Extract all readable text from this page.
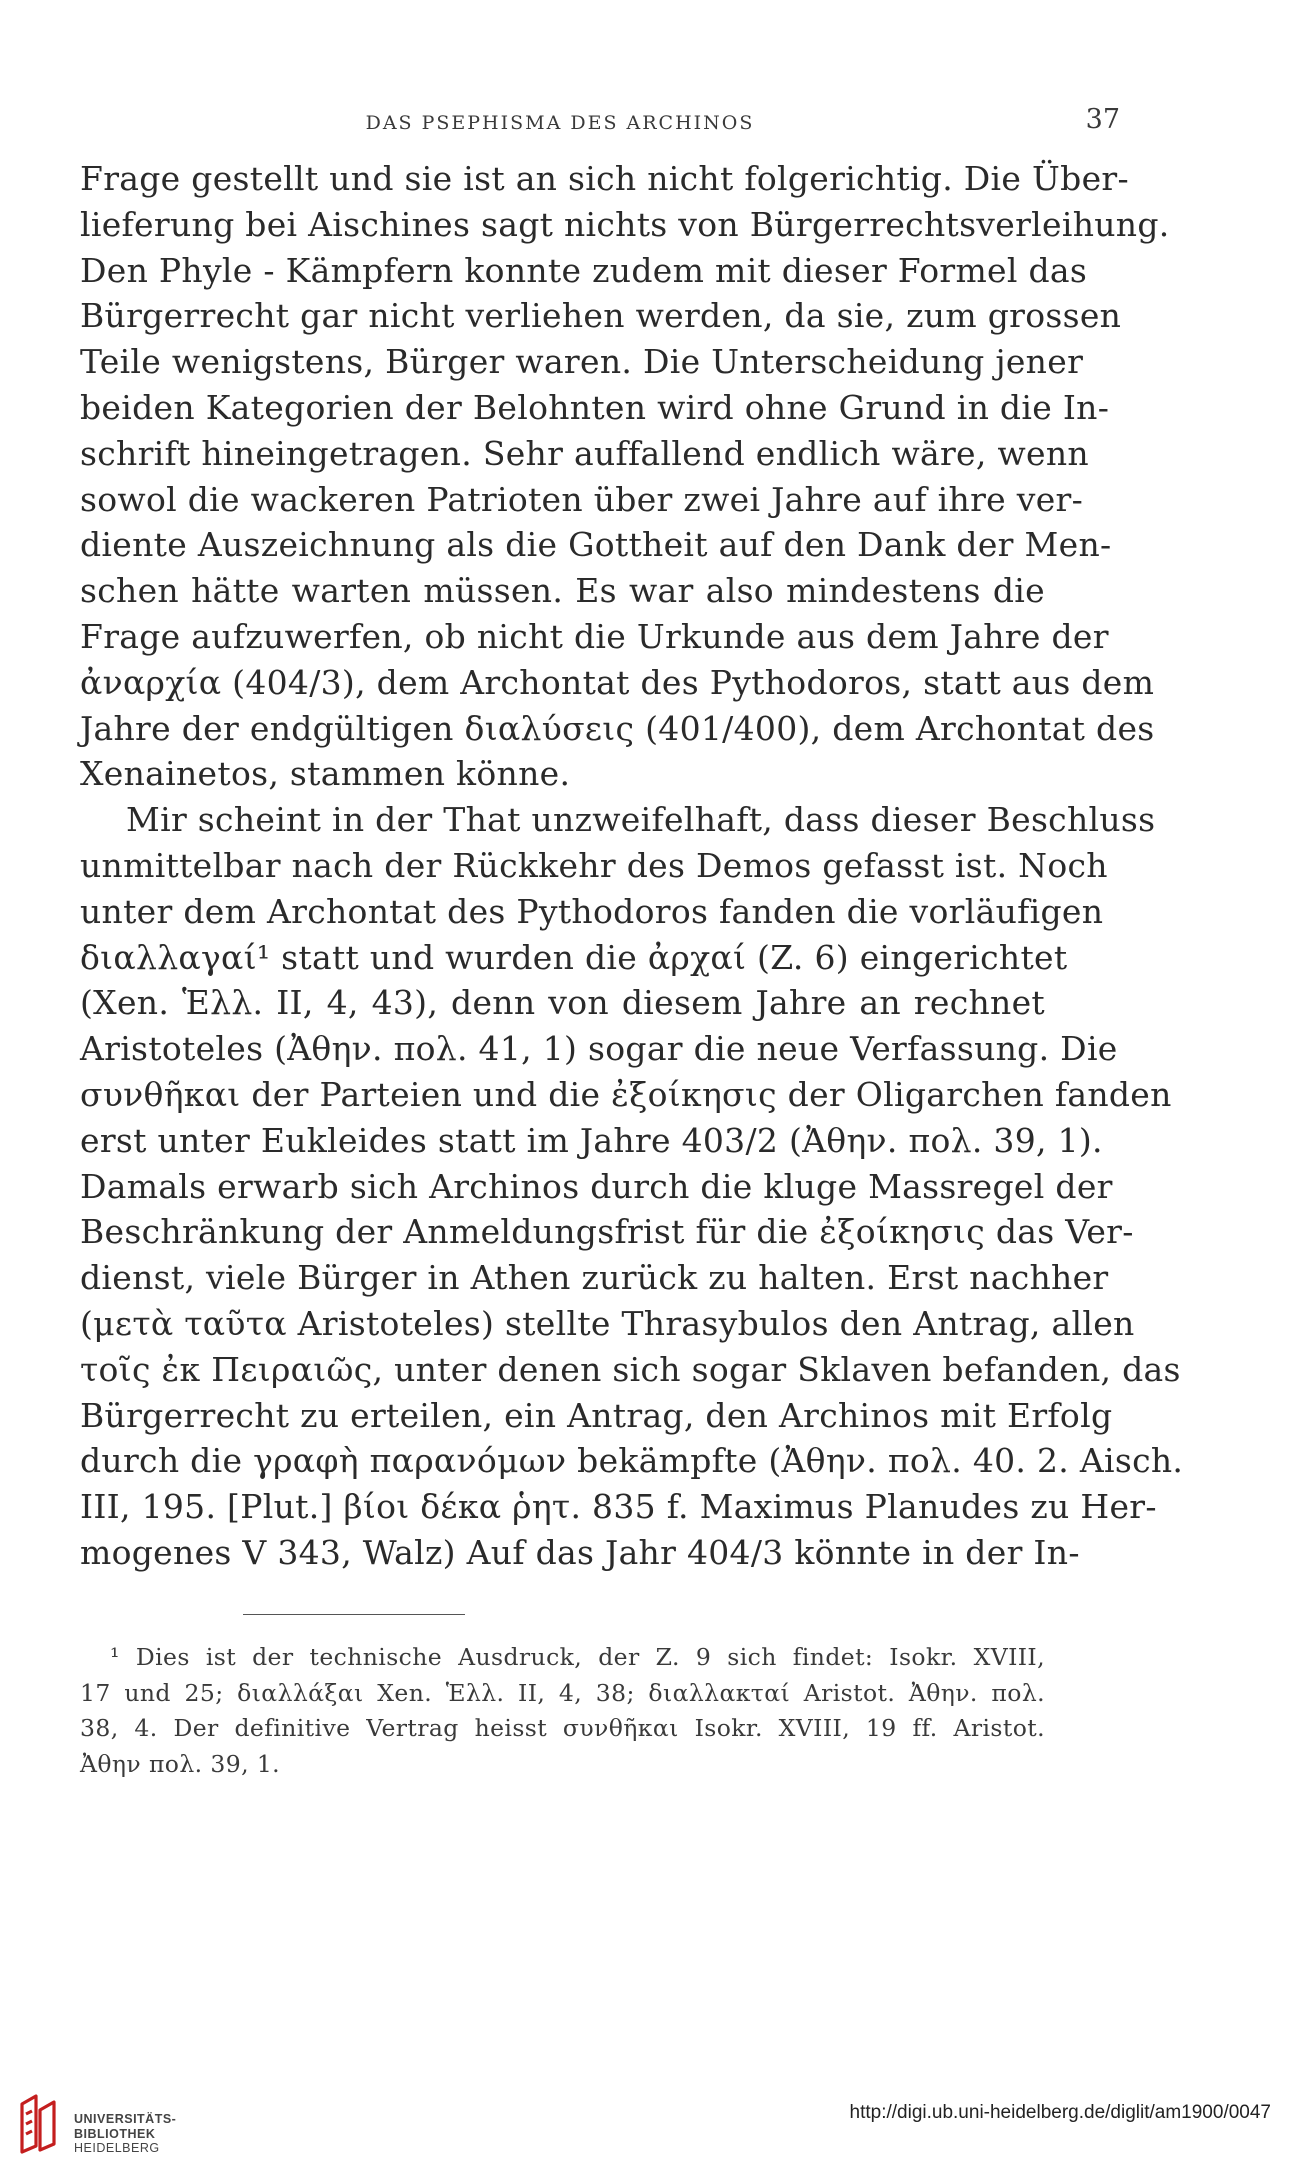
DAS PSEPHISMA DES ARCHINOS	37
Frage gestellt und sie ist an sich nicht folgerichtig. Die Über-
lieferung bei Aischines sagt nichts von Bürgerrechtsverleihung.
Den Phyle - Kämpfern konnte zudem mit dieser Formel das
Bürgerrecht gar nicht verliehen werden, da sie, zum grossen
Teile wenigstens, Bürger waren. Die Unterscheidung jener
beiden Kategorien der Belohnten wird ohne Grund in die In-
schrift hineingetragen. Sehr auffallend endlich wäre, wenn
sowol die wackeren Patrioten über zwei Jahre auf ihre ver-
diente Auszeichnung als die Gottheit auf den Dank der Men-
schen hätte warten müssen. Es war also mindestens die
Frage aufzuwerfen, ob nicht die Urkunde aus dem Jahre der
ἀναρχία (404/3), dem Archontat des Pythodoros, statt aus dem
Jahre der endgültigen διαλύσεις (401/400), dem Archontat des
Xenainetos, stammen könne.
Mir scheint in der That unzweifelhaft, dass dieser Beschluss
unmittelbar nach der Rückkehr des Demos gefasst ist. Noch
unter dem Archontat des Pythodoros fanden die vorläufigen
διαλλαγαί¹ statt und wurden die ἀρχαί (Z. 6) eingerichtet
(Xen. Ἑλλ. II, 4, 43), denn von diesem Jahre an rechnet
Aristoteles (Ἀθην. πολ. 41, 1) sogar die neue Verfassung. Die
συνθῆκαι der Parteien und die ἐξοίκησις der Oligarchen fanden
erst unter Eukleides statt im Jahre 403/2 (Ἀθην. πολ. 39, 1).
Damals erwarb sich Archinos durch die kluge Massregel der
Beschränkung der Anmeldungsfrist für die ἐξοίκησις das Ver-
dienst, viele Bürger in Athen zurück zu halten. Erst nachher
(μετὰ ταῦτα Aristoteles) stellte Thrasybulos den Antrag, allen
τοῖς ἐκ Πειραιῶς, unter denen sich sogar Sklaven befanden, das
Bürgerrecht zu erteilen, ein Antrag, den Archinos mit Erfolg
durch die γραφὴ παρανόμων bekämpfte (Ἀθην. πολ. 40. 2. Aisch.
III, 195. [Plut.] βίοι δέκα ῥητ. 835 f. Maximus Planudes zu Her-
mogenes V 343, Walz) Auf das Jahr 404/3 könnte in der In-
¹ Dies ist der technische Ausdruck, der Z. 9 sich findet: Isokr. XVIII,
17 und 25; διαλλάξαι Xen. Ἑλλ. II, 4, 38; διαλλακταί Aristot. Ἀθην. πολ.
38, 4. Der definitive Vertrag heisst συνθῆκαι Isokr. XVIII, 19 ff. Aristot.
Ἀθην πολ. 39, 1.
UNIVERSITÄTS-
BIBLIOTHEK
HEIDELBERG
http://digi.ub.uni-heidelberg.de/diglit/am1900/0047
